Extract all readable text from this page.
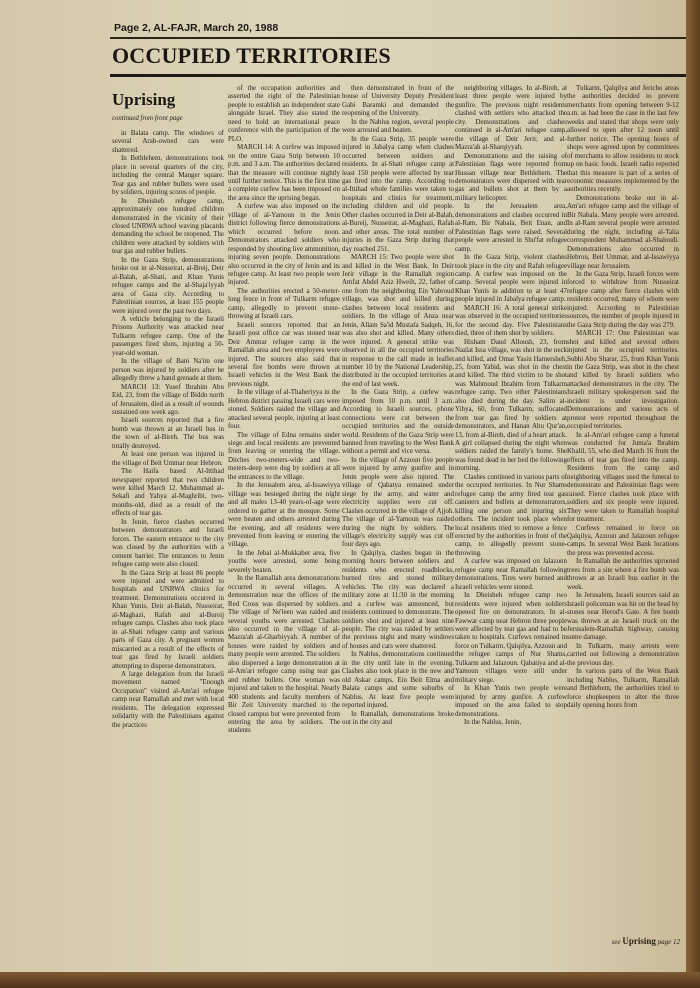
Page 2, AL-FAJR, March 20, 1988
OCCUPIED TERRITORIES
Uprising
continued from front page

in Balata camp. The windows of several Arab-owned cars were shattered.

In Bethlehem, demonstrations took place in several quarters of the city, including the central Manger square. Tear gas and rubber bullets were used by soldiers, injuring scores of people.

In Dheisheh refugee camp, approximately one hundred children demonstrated in the vicinity of their closed UNRWA school waving placards demanding the school be reopened. The children were attacked by soldiers with tear gas and rubber bullets.

In the Gaza Strip, demonstrations broke out in al-Nusseirat, al-Breij, Deir al-Balah, al-Shati, and Khan Yunis refugee camps and the al-Shaja'iyyah area of Gaza city. According to Palestinian sources, at least 155 people were injured over the past two days.

A vehicle belonging to the Israeli Prisons Authority was attacked near Tulkarm refugee camp. One of the passengers fired shots, injuring a 50-year-old woman.

In the village of Bani Na'im one person was injured by soldiers after he allegedly threw a hand grenade at them.

MARCH 13: Yusef Ibrahim Abu Eid, 23, from the village of Biddo north of Jerusalem, died as a result of wounds sustained one week ago.

Israeli sources reported that a fire bomb was thrown at an Israeli bus in the town of al-Bireh. The bus was totally destroyed.

At least one person was injured in the village of Beit Ummar near Hebron.

The Haifa based Al-Ittihad newspaper reported that two children were killed March 12. Muhammad al-Sekafi and Yahya al-Maghribi, two-months-old, died as a result of the effects of tear gas.

In Jenin, fierce clashes occurred between demonstrators and Israeli forces. The eastern entrance to the city was closed by the authorities with a cement barrier. The entrances to Jenin refugee camp were also closed.

In the Gaza Strip at least 86 people were injured and were admitted to hospitals and UNRWA clinics for treatment. Demonstrations occurred in Khan Yunis, Deir al-Balah, Nusseirat, al-Maghazi, Rafah and al-Bureij refugee camps. Clashes also took place in al-Shati refugee camp and various parts of Gaza city. A pregnant women miscarried as a result of the effects of tear gas fired by Israeli soldiers attempting to disperse demonstrators.

A large delegation from the Israeli movement named "Enough Occupation" visited al-Am'ari refugee camp near Ramallah and met with local residents. The delegation expressed solidarity with the Palestinians against the practices

of the occupation authorities and asserted the right of the Palestinian people to establish an independent state alongside Israel. They also stated the need to hold an international peace conference with the participation of the PLO.

MARCH 14: A curfew was imposed on the entire Gaza Strip between 10 p.m. and 3 a.m. The authorities declared that the measure will continue nightly until further notice. This is the first time a complete curfew has been imposed on the area since the uprising began.

A curfew was also imposed on the village of al-Yamoun in the Jenin district following fierce demonstrations which occurred before noon. Demonstrators attacked soldiers who responded by shooting live ammunition, injuring seven people. Demonstrations also occurred in the city of Jenin and its refugee camp. At least two people were injured.

The authorities erected a 50-meter-long fence in front of Tulkarm refugee camp, allegedly to prevent stone-throwing at Israeli cars.

Israeli sources reported that an Israeli post office car was stoned near Deir Ammar refugee camp in the Ramallah area and two employees were injured. The sources also said that several fire bombs were thrown at Israeli vehicles in the West Bank the previous night.

In the village of al-Thaheriyya in the Hebron district passing Israeli cars were stoned. Soldiers raided the village and attacked several people, injuring at least four.

The village of Edna remains under siege and local residents are prevented from leaving or entering the village. Ditches two-meters-wide and two-meters-deep were dug by soldiers at all the entrances to the village.

In the Jerusalem area, al-Issawiyya village was besieged during the night and all males 13-40 years-of-age were ordered to gather at the mosque. Some were beaten and others arrested during the evening, and all residents were prevented from leaving or entering the village.

In the Jebal al-Mukkaber area, five youths were arrested, some being severely beaten.

In the Ramallah area demonstrations occurred in several villages. A demonstration near the offices of the Red Cross was dispersed by soldiers. The village of Ne'leen was raided and several youths were arrested. Clashes also occurred in the village of al-Mazra'ah al-Gharbiyyah. A number of houses were raided by soldiers and many people were arrested. The soldiers also dispersed a large demonstration at al-Am'ari refugee camp using tear gas and rubber bullets. One woman was injured and taken to the hospital. Nearly 400 students and faculty members of Bir Zeit University marched to the closed campus but were prevented from entering the area by soldiers. The students

then demonstrated in front of the house of University Deputy President Gabi Baramki and demanded the reopening of the University.

In the Nablus region, several people were arrested and beaten.

In the Gaza Strip, 35 people were injured in Jabalya camp when clashes occurred between soldiers and residents. In al-Shati refugee camp at least 150 people were affected by tear gas fired into the camp. According to al-Ittihad whole families were taken to hospitals and clinics for treatment, including children and old people. Other clashes occurred in Deir al-Balah, al-Bureij, Nusseirat, al-Maghazi, Rafah and other areas. The total number of injuries in the Gaza Strip during that day reached 251.

MARCH 15: Two people were shot and killed in the West Bank. In Deir Jerir village in the Ramallah region Amfat Abdel Aziz Hweih, 22, father of one from the neighboring Ein Yabroud village, was shot and killed during clashes between local residents and soldiers. In the village of Anza near Jenin, Allam Sa'id Mustafa Sadqeh, 16, was also shot and killed. Many others were injured. A general strike was observed in all the occupied territories in response to the call made in leaflet number 10 by the National Leadership, distributed in the occupied territories at the end of last week.

In the Gaza Strip, a curfew was imposed from 10 p.m. until 3 a.m. According to Israeli sources, phone connections were cut between the occupied territories and the outside world. Residents of the Gaza Strip were banned from traveling to the West Bank without a permit and vice versa.

In the village of Azzoun five people were injured by army gunfire and in Jenin people were also injured. The village of Qabatya remained under siege by the army, and water and electricity supplies were cut off. Clashes occurred in the village of Ajjoh. The village of al-Yamoun was raided during the night by soldiers. The village's electricity supply was cut off four days ago.

In Qalqilya, clashes began in the morning hours between soldiers and residents who erected roadblocks, burned tires and stoned military vehicles. The city was declared a military zone at 11:30 in the morning and a curfew was announced, but residents continued to demonstrate. The soldiers shot and injured at least nine people. The city was raided by settlers the previous night and many windows of houses and cars were shattered.

In Nablus, demonstrations continued in the city until late in the evening. Clashes also took place in the new and old Askar camps, Ein Beit Elma and Balata camps and some suburbs of Nablus. At least five people were reported injured.

In Ramallah, demonstrations broke out in the city and

neighboring villages. In al-Bireh, at least three people were injured by gunfire. The previous night residents clashed with settlers who attacked the city. Demonstrations and clashes continued in al-Am'ari refugee camp, the village of Deir Jerir, and al-Mazra'ah al-Sharqiyyah.

Demonstrations and the raising of Palestinian flags were reported from Hussan village near Bethlehem. The demonstrators were dispersed with tear gas and bullets shot at them by a military helicopter.

In the Jerusalem area, demonstrations and clashes occurred in al-Ram, Bir Nabala, Beit Enan, and Palestinian flags were raised. Several people were arrested in Shu'fat refugee camp.

In the Gaza Strip, violent clashes took place in the city and Rafah refugee camp. A curfew was imposed on the camp. Several people were injured in Khan Yunis in addition to at least 47 people injured in Jabalya refugee camp.

MARCH 16: A total general strike was observed in the occupied territories for the second day. Five Palestinians died, three of them shot by soldiers.

Hisham Daud Alloush, 23, from Nazlat Issa village, was shot in the neck and killed, and Omar Yasin Hamersheh, 25, from Yabid, was shot in the chest and killed. The third victim to be shot was Mahmoud Ibrahim from Tulkarm refugee camp. Two other Palestinians also died during the day. Salim al-Yihya, 60, from Tulkarm, suffocated from tear gas fired by soldiers at demonstrators, and Hanan Abu Qur'an, 13, from al-Bireh, died of a heart attack. A girl collapsed during the night when soldiers raided the family's home. She was found dead in her bed the following morning.

Clashes continued in various parts of the occupied territories. In Nur Shams refugee camp the army fired tear gas canisters and bullets at demonstrators, killing one person and injuring six others. The incident took place when local residents tried to remove a fence erected by the authorities in front of the camp, to allegedly prevent stone-throwing.

A curfew was imposed on Jalazoun refugee camp near Ramallah following demonstrations. Tires were burned and Israeli vehicles were stoned.

In Dheisheh refugee camp two residents were injured when soldiers opened fire on demonstrators. In al-Fawwar camp near Hebron three people were affected by tear gas and had to be taken to hospitals. Curfews remained in force on Tulkarm, Qalqilya, Azzoun and the refugee camps of Nur Shams, Tulkarm and Jalazoun. Qabatiya and al-Yamoun villages were still under military siege.

In Khan Yunis two people were injured by army gunfire. A curfew imposed on the area failed to stop demonstrations.

In the Nablus, Jenin,

Tulkarm, Qalqilya and Jericho areas the authorities decided to prevent merchants from opening between 9-12 a.m. as had been the case in the last few weeks and stated that shops were only allowed to open after 12 noon until further notice. The opening hours of shops were agreed upon by committees of merchants to allow residents to stock up on basic foods. Israeli radio reported that this measure is part of a series of economic measures implemented by the authorities recently.

Demonstrations broke out in al-Am'ari refugee camp and the village of Bir Nabala. Many people were arrested. In al-Ram several people were arrested during the night, including al-Talia correspondent Muhammad al-Shaloudi. Demonstrations also occurred in Hebron, Beit Ummar, and al-Issawiyya village near Jerusalem.

In the Gaza Strip, Israeli forces were forced to withdraw from Nusseirat refugee camp after fierce clashes with residents occurred, many of whom were injured. According to Palestinian sources, the number of people injured in the Gaza Strip during the day was 279.

MARCH 17: One Palestinian was shot and killed and several others injured in the occupied territories. Subhi Abu Sharar, 25, from Khan Yunis in the Gaza Strip, was shot in the chest and killed by Israeli soldiers who attacked demonstrators in the city. The Israeli military spokesperson said the incident is under investigation. Demonstrations and various acts of protest were reported throughout the occupied territories.

In al-Am'ari refugee camp a funeral was conducted for Juma'a Ibrahim Khalil, 55, who died March 16 from the effects of tear gas fired into the camp. Residents from the camp and neighboring villages used the funeral to demonstrate and Palestinian flags were raised. Fierce clashes took place with soldiers and six people were injured. They were taken to Ramallah hospital for treatment.

Curfews remained in force on Qalqilya, Azzoun and Jalazoun refugee camps. In several West Bank locations the press was prevented access.

In Ramallah the authorities uprooted trees from a site where a fire bomb was thrown at an Israeli bus earlier in the week.

In Jerusalem, Israeli sources said an Israeli policeman was hit on the head by stones near Herod's Gate. A fire bomb was thrown at an Israeli truck on the Jerusalem-Ramallah highway, causing some damage.

In Tulkarm, many arrests were carried out following a demonstration the previous day.

In various parts of the West Bank including Nablus, Tulkarm, Ramallah and Bethlehem, the authorities tried to force shopkeepers to alter the three daily opening hours from

see Uprising page 12
